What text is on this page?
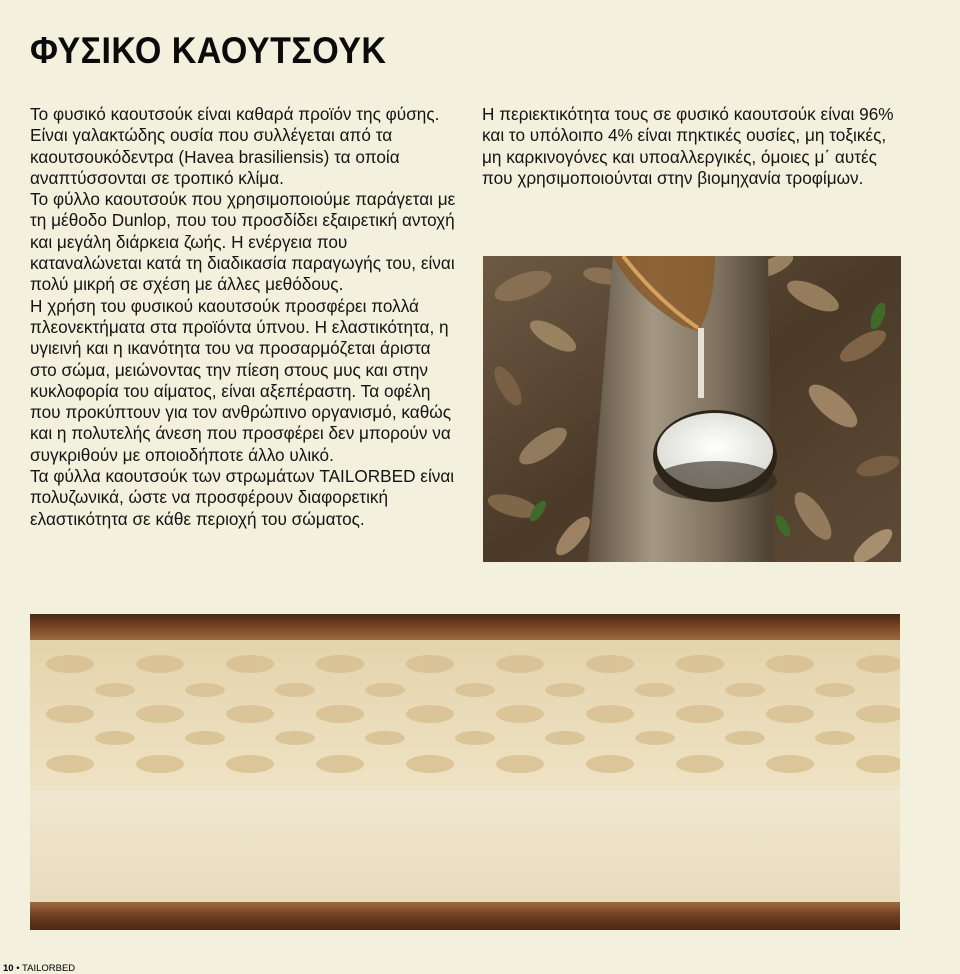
ΦΥΣΙΚΟ ΚΑΟΥΤΣΟΥΚ

Το φυσικό καουτσούκ είναι καθαρά προϊόν της φύσης. Είναι γαλακτώδης ουσία που συλλέγεται από τα καουτσουκόδεντρα (Havea brasiliensis) τα οποία αναπτύσσονται σε τροπικό κλίμα.

Το φύλλο καουτσούκ που χρησιμοποιούμε παράγεται με τη μέθοδο Dunlop, που του προσδίδει εξαιρετική αντοχή και μεγάλη διάρκεια ζωής. Η ενέργεια που καταναλώνεται κατά τη διαδικασία παραγωγής του, είναι πολύ μικρή σε σχέση με άλλες μεθόδους.

Η χρήση του φυσικού καουτσούκ προσφέρει πολλά πλεονεκτήματα στα προϊόντα ύπνου. Η ελαστικότητα, η υγιεινή και η ικανότητα του να προσαρμόζεται άριστα στο σώμα, μειώνοντας την πίεση στους μυς και στην κυκλοφορία του αίματος, είναι αξεπέραστη. Τα οφέλη που προκύπτουν για τον ανθρώπινο οργανισμό, καθώς και η πολυτελής άνεση που προσφέρει δεν μπορούν να συγκριθούν με οποιοδήποτε άλλο υλικό.

Τα φύλλα καουτσούκ των στρωμάτων TAILORBED είναι πολυζωνικά, ώστε να προσφέρουν διαφορετική ελαστικότητα σε κάθε περιοχή του σώματος.

Η περιεκτικότητα τους σε φυσικό καουτσούκ είναι 96% και το υπόλοιπο 4% είναι πηκτικές ουσίες, μη τοξικές, μη καρκινογόνες και υποαλλεργικές, όμοιες μ΄ αυτές που χρησιμοποιούνται στην βιομηχανία τροφίμων.

10 • TAILORBED
